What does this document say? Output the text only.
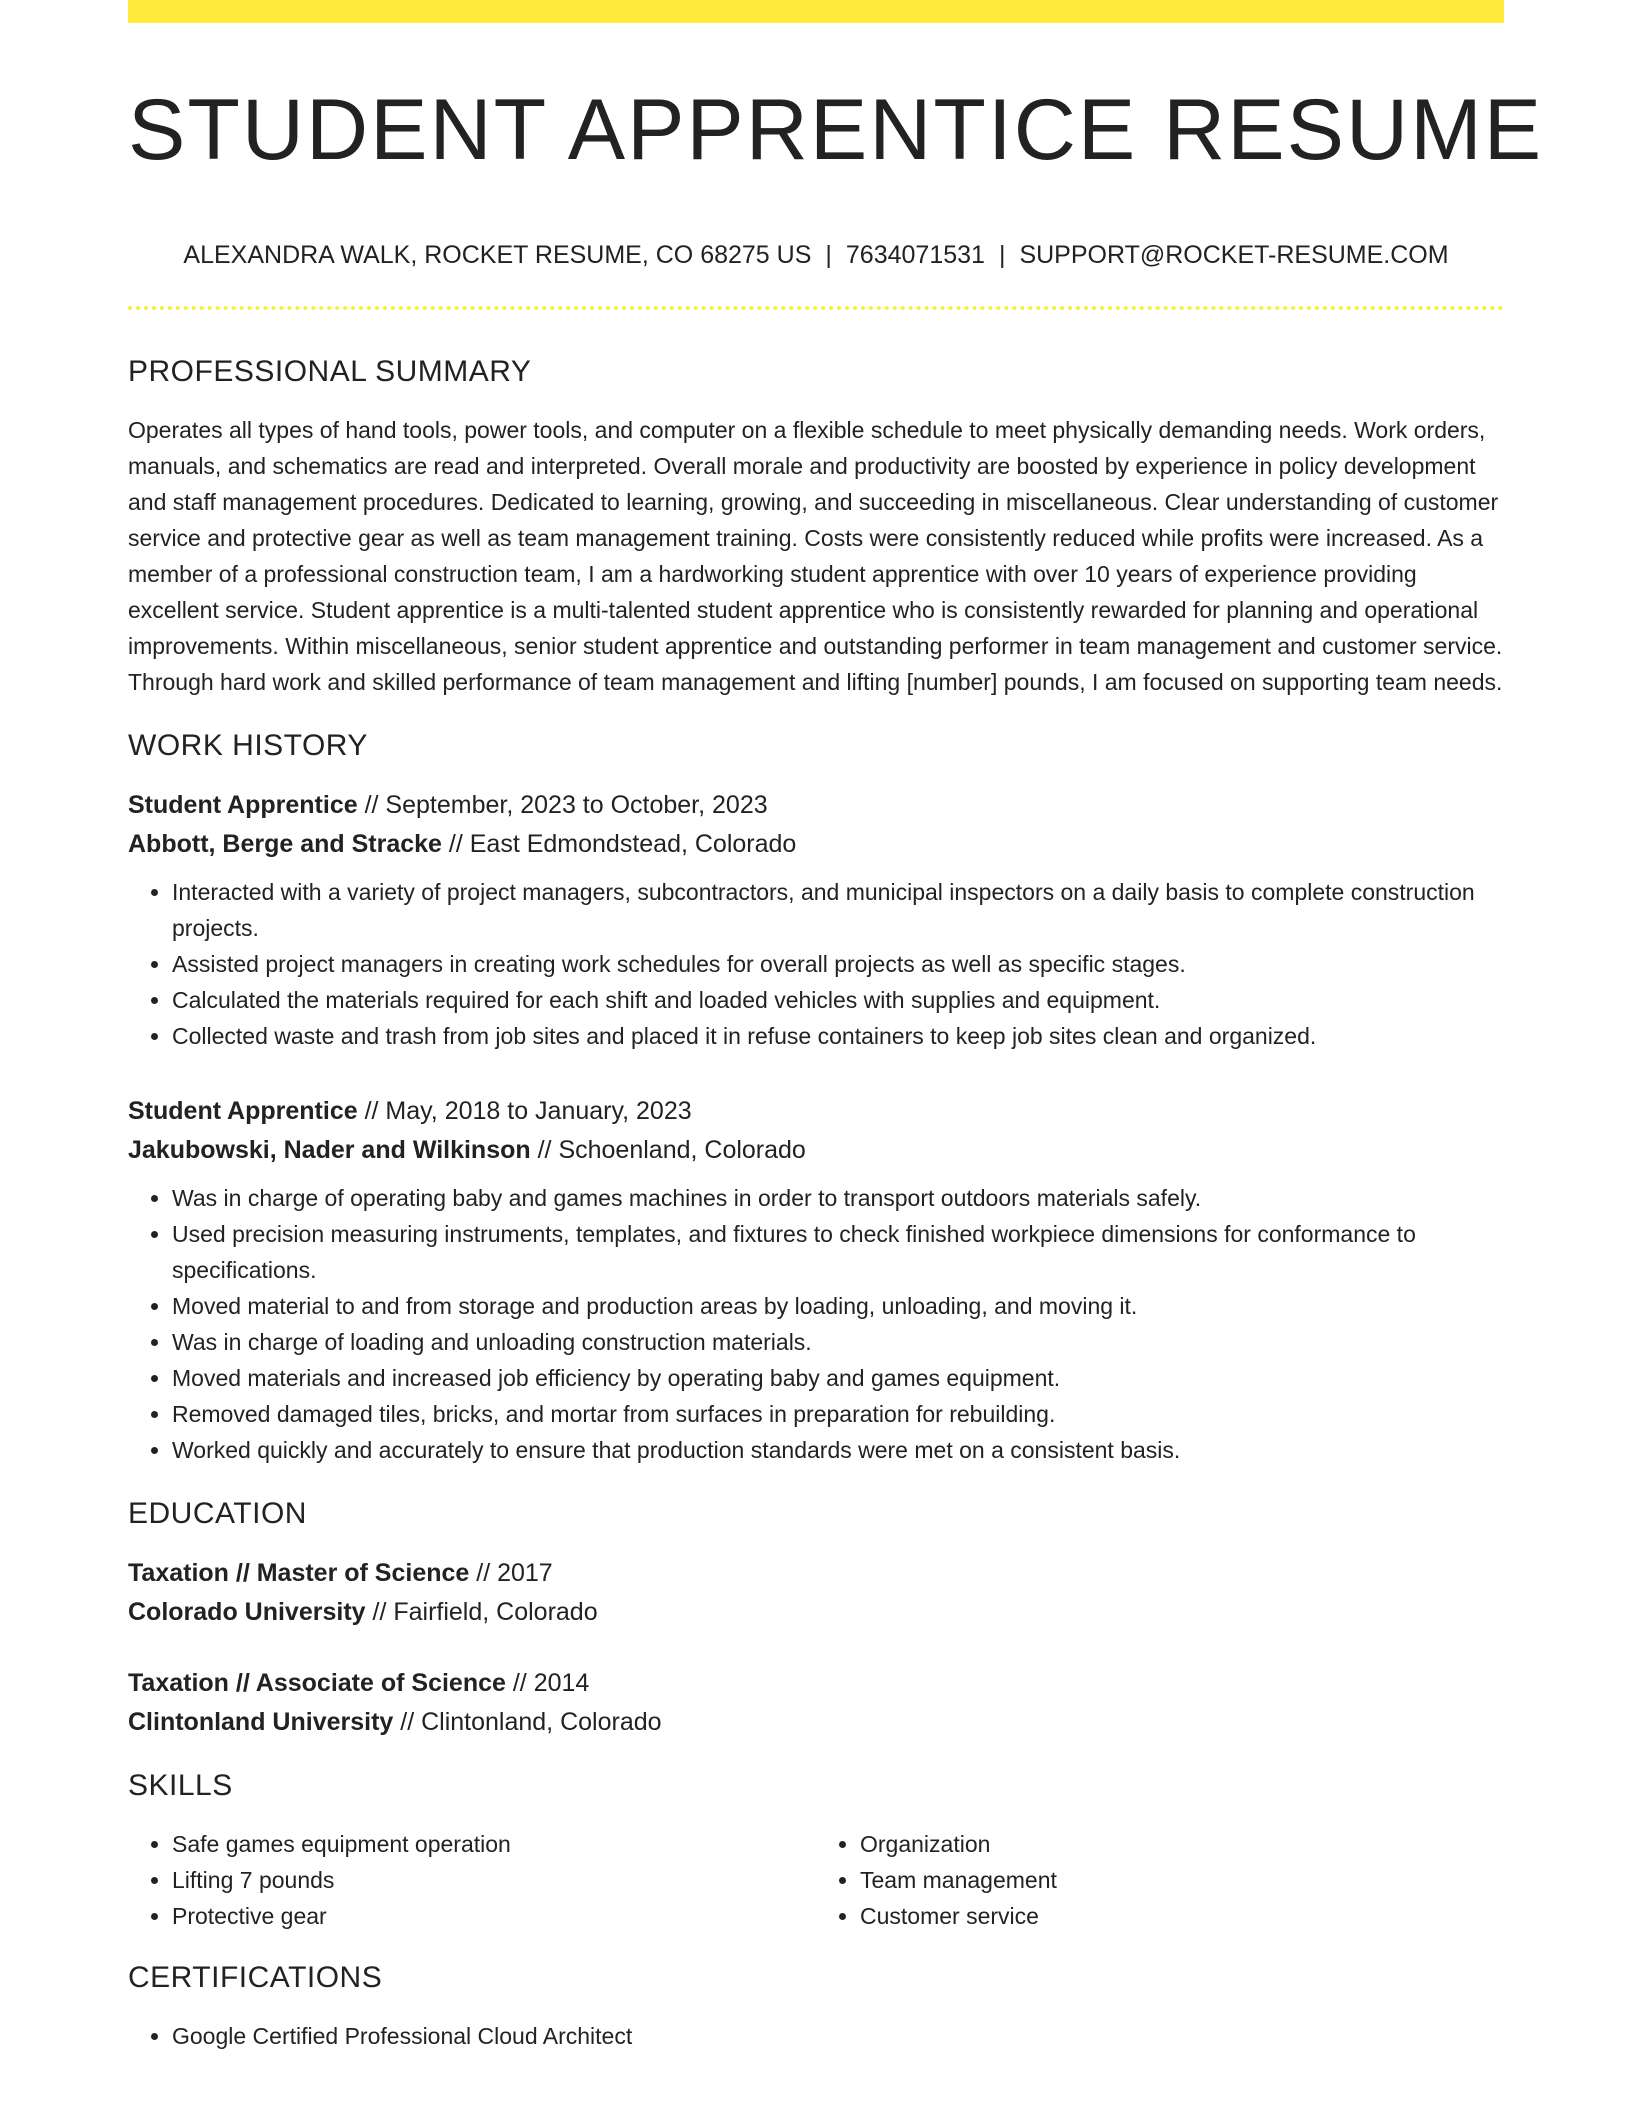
STUDENT APPRENTICE RESUME
ALEXANDRA WALK, ROCKET RESUME, CO 68275 US | 7634071531 | SUPPORT@ROCKET-RESUME.COM
PROFESSIONAL SUMMARY

Operates all types of hand tools, power tools, and computer on a flexible schedule to meet physically demanding needs. Work orders, manuals, and schematics are read and interpreted. Overall morale and productivity are boosted by experience in policy development and staff management procedures. Dedicated to learning, growing, and succeeding in miscellaneous. Clear understanding of customer service and protective gear as well as team management training. Costs were consistently reduced while profits were increased. As a member of a professional construction team, I am a hardworking student apprentice with over 10 years of experience providing excellent service. Student apprentice is a multi-talented student apprentice who is consistently rewarded for planning and operational improvements. Within miscellaneous, senior student apprentice and outstanding performer in team management and customer service. Through hard work and skilled performance of team management and lifting [number] pounds, I am focused on supporting team needs.

WORK HISTORY

Student Apprentice // September, 2023 to October, 2023

Abbott, Berge and Stracke // East Edmondstead, Colorado

• Interacted with a variety of project managers, subcontractors, and municipal inspectors on a daily basis to complete construction projects.
• Assisted project managers in creating work schedules for overall projects as well as specific stages.
• Calculated the materials required for each shift and loaded vehicles with supplies and equipment.
• Collected waste and trash from job sites and placed it in refuse containers to keep job sites clean and organized.

Student Apprentice // May, 2018 to January, 2023

Jakubowski, Nader and Wilkinson // Schoenland, Colorado

• Was in charge of operating baby and games machines in order to transport outdoors materials safely.
• Used precision measuring instruments, templates, and fixtures to check finished workpiece dimensions for conformance to specifications.
• Moved material to and from storage and production areas by loading, unloading, and moving it.
• Was in charge of loading and unloading construction materials.
• Moved materials and increased job efficiency by operating baby and games equipment.
• Removed damaged tiles, bricks, and mortar from surfaces in preparation for rebuilding.
• Worked quickly and accurately to ensure that production standards were met on a consistent basis.
EDUCATION

Taxation // Master of Science // 2017

Colorado University // Fairfield, Colorado

Taxation // Associate of Science // 2014

Clintonland University // Clintonland, Colorado

SKILLS
• Safe games equipment operation
• Lifting 7 pounds
• Protective gear
• Organization
• Team management
• Customer service
CERTIFICATIONS
• Google Certified Professional Cloud Architect
